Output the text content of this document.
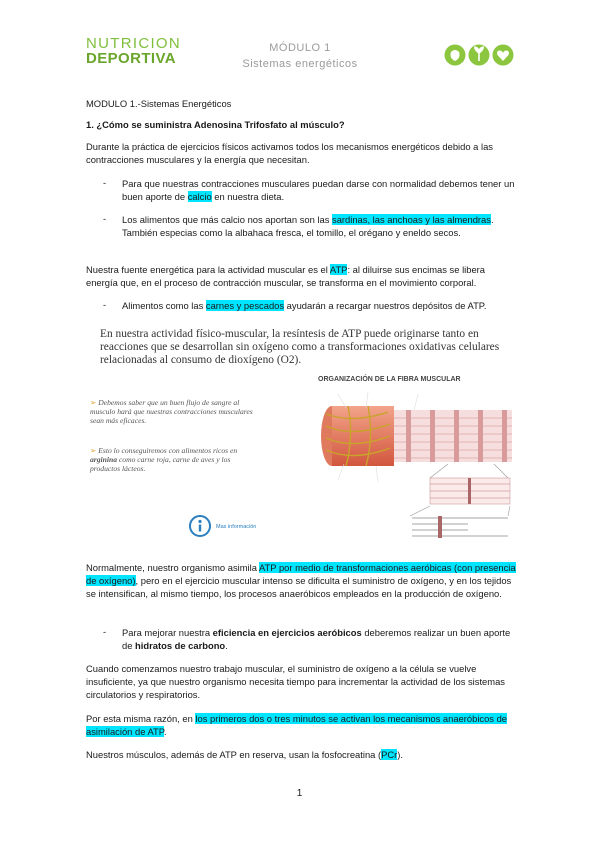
NUTRICION
DEPORTIVA
MÓDULO 1
Sistemas energéticos
MODULO 1.-Sistemas Energéticos
1. ¿Cómo se suministra Adenosina Trifosfato al músculo?
Durante la práctica de ejercicios físicos activamos todos los mecanismos energéticos debido a las contracciones musculares y la energía que necesitan.
- Para que nuestras contracciones musculares puedan darse con normalidad debemos tener un buen aporte de calcio en nuestra dieta.
- Los alimentos que más calcio nos aportan son las sardinas, las anchoas y las almendras. También especias como la albahaca fresca, el tomillo, el orégano y eneldo secos.
Nuestra fuente energética para la actividad muscular es el ATP: al diluirse sus encimas se libera energía que, en el proceso de contracción muscular, se transforma en el movimiento corporal.
- Alimentos como las carnes y pescados ayudarán a recargar nuestros depósitos de ATP.
En nuestra actividad físico-muscular, la resíntesis de ATP puede originarse tanto en reacciones que se desarrollan sin oxígeno como a transformaciones oxidativas celulares relacionadas al consumo de dioxígeno (O2).
➢ Debemos saber que un buen flujo de sangre al musculo hará que nuestras contracciones musculares sean más eficaces.
➢ Esto lo conseguiremos con alimentos ricos en arginina como carne roja, carne de aves y los productos lácteos.
Mas información
ORGANIZACIÓN DE LA FIBRA MUSCULAR
Normalmente, nuestro organismo asimila ATP por medio de transformaciones aeróbicas (con presencia de oxígeno), pero en el ejercicio muscular intenso se dificulta el suministro de oxígeno, y en los tejidos se intensifican, al mismo tiempo, los procesos anaeróbicos empleados en la producción de oxígeno.
- Para mejorar nuestra eficiencia en ejercicios aeróbicos deberemos realizar un buen aporte de hidratos de carbono.
Cuando comenzamos nuestro trabajo muscular, el suministro de oxígeno a la célula se vuelve insuficiente, ya que nuestro organismo necesita tiempo para incrementar la actividad de los sistemas circulatorios y respiratorios.
Por esta misma razón, en los primeros dos o tres minutos se activan los mecanismos anaeróbicos de asimilación de ATP.
Nuestros músculos, además de ATP en reserva, usan la fosfocreatina (PCr).
1
